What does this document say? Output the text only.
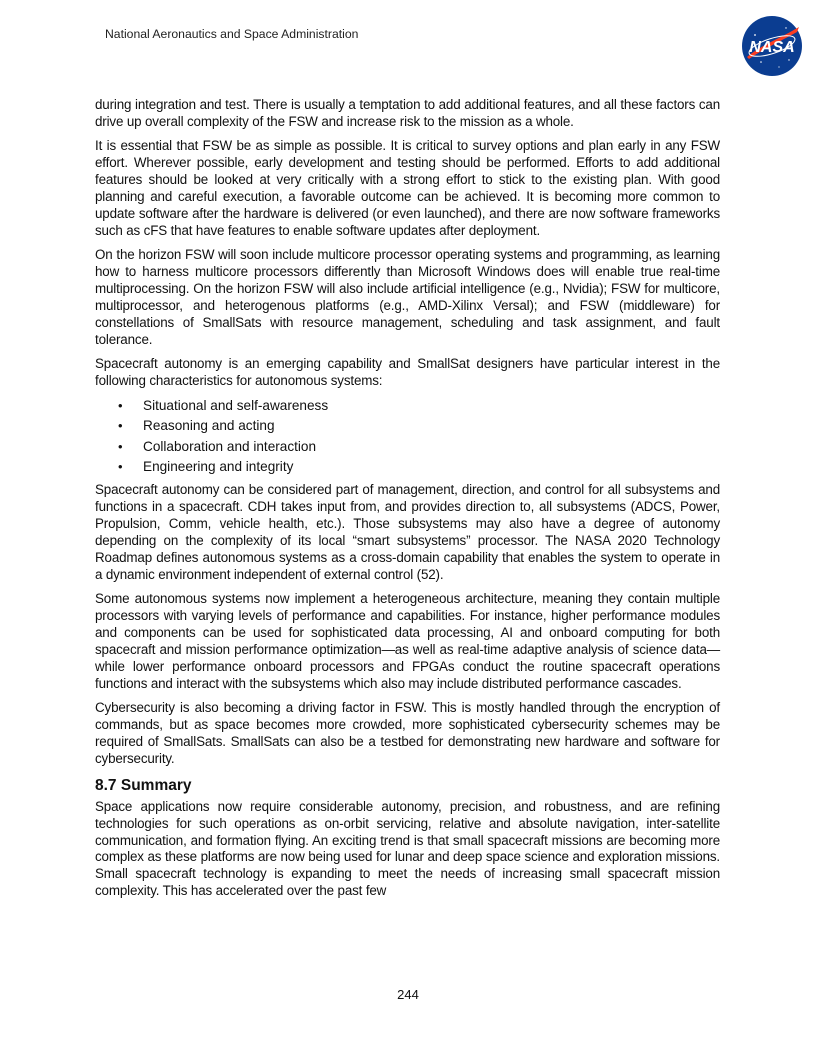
National Aeronautics and Space Administration
NASA

during integration and test. There is usually a temptation to add additional features, and all these factors can drive up overall complexity of the FSW and increase risk to the mission as a whole.

It is essential that FSW be as simple as possible. It is critical to survey options and plan early in any FSW effort. Wherever possible, early development and testing should be performed. Efforts to add additional features should be looked at very critically with a strong effort to stick to the existing plan. With good planning and careful execution, a favorable outcome can be achieved. It is becoming more common to update software after the hardware is delivered (or even launched), and there are now software frameworks such as cFS that have features to enable software updates after deployment.

On the horizon FSW will soon include multicore processor operating systems and programming, as learning how to harness multicore processors differently than Microsoft Windows does will enable true real-time multiprocessing. On the horizon FSW will also include artificial intelligence (e.g., Nvidia); FSW for multicore, multiprocessor, and heterogenous platforms (e.g., AMD-Xilinx Versal); and FSW (middleware) for constellations of SmallSats with resource management, scheduling and task assignment, and fault tolerance.

Spacecraft autonomy is an emerging capability and SmallSat designers have particular interest in the following characteristics for autonomous systems:

• Situational and self-awareness
• Reasoning and acting
• Collaboration and interaction
• Engineering and integrity

Spacecraft autonomy can be considered part of management, direction, and control for all subsystems and functions in a spacecraft. CDH takes input from, and provides direction to, all subsystems (ADCS, Power, Propulsion, Comm, vehicle health, etc.). Those subsystems may also have a degree of autonomy depending on the complexity of its local “smart subsystems” processor. The NASA 2020 Technology Roadmap defines autonomous systems as a cross-domain capability that enables the system to operate in a dynamic environment independent of external control (52).

Some autonomous systems now implement a heterogeneous architecture, meaning they contain multiple processors with varying levels of performance and capabilities. For instance, higher performance modules and components can be used for sophisticated data processing, AI and onboard computing for both spacecraft and mission performance optimization—as well as real-time adaptive analysis of science data—while lower performance onboard processors and FPGAs conduct the routine spacecraft operations functions and interact with the subsystems which also may include distributed performance cascades.

Cybersecurity is also becoming a driving factor in FSW. This is mostly handled through the encryption of commands, but as space becomes more crowded, more sophisticated cybersecurity schemes may be required of SmallSats. SmallSats can also be a testbed for demonstrating new hardware and software for cybersecurity.

8.7 Summary

Space applications now require considerable autonomy, precision, and robustness, and are refining technologies for such operations as on-orbit servicing, relative and absolute navigation, inter-satellite communication, and formation flying. An exciting trend is that small spacecraft missions are becoming more complex as these platforms are now being used for lunar and deep space science and exploration missions. Small spacecraft technology is expanding to meet the needs of increasing small spacecraft mission complexity. This has accelerated over the past few

244
